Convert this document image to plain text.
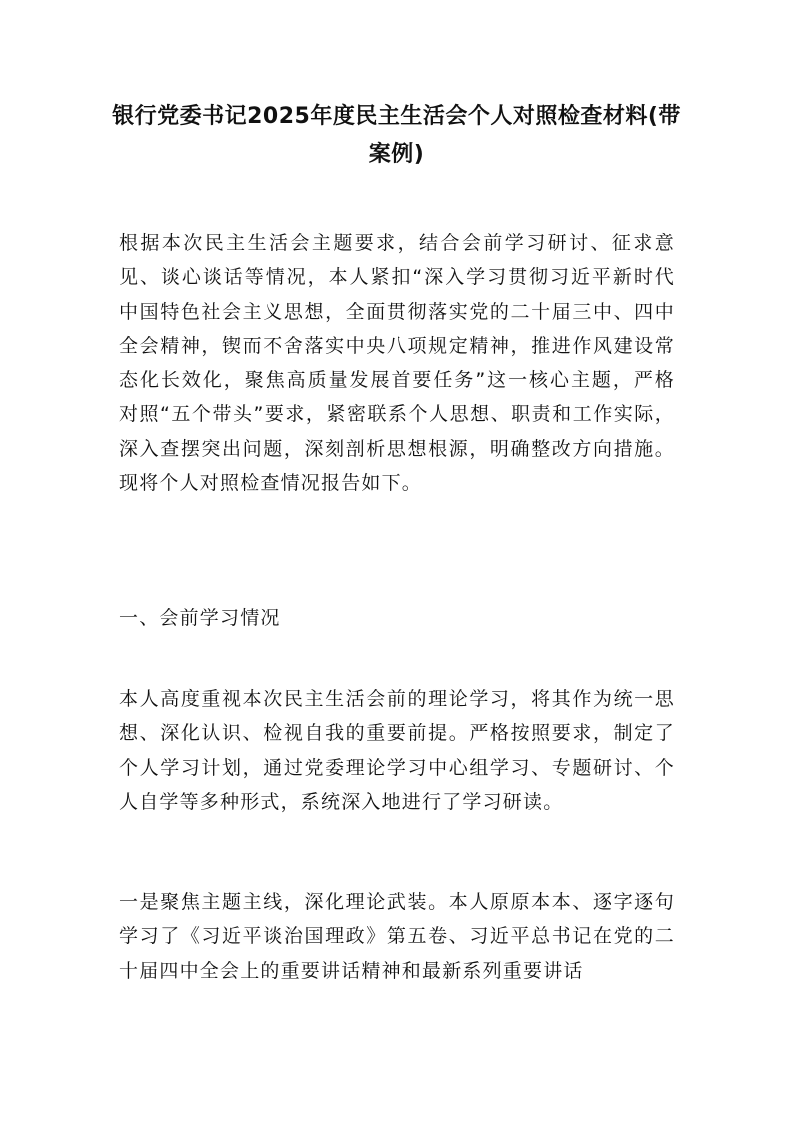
银行党委书记2025年度民主生活会个人对照检查材料(带案例)

根据本次民主生活会主题要求，结合会前学习研讨、征求意见、谈心谈话等情况，本人紧扣“深入学习贯彻习近平新时代中国特色社会主义思想，全面贯彻落实党的二十届三中、四中全会精神，锲而不舍落实中央八项规定精神，推进作风建设常态化长效化，聚焦高质量发展首要任务”这一核心主题，严格对照“五个带头”要求，紧密联系个人思想、职责和工作实际，深入查摆突出问题，深刻剖析思想根源，明确整改方向措施。现将个人对照检查情况报告如下。

一、会前学习情况

本人高度重视本次民主生活会前的理论学习，将其作为统一思想、深化认识、检视自我的重要前提。严格按照要求，制定了个人学习计划，通过党委理论学习中心组学习、专题研讨、个人自学等多种形式，系统深入地进行了学习研读。

一是聚焦主题主线，深化理论武装。本人原原本本、逐字逐句学习了《习近平谈治国理政》第五卷、习近平总书记在党的二十届四中全会上的重要讲话精神和最新系列重要讲话
